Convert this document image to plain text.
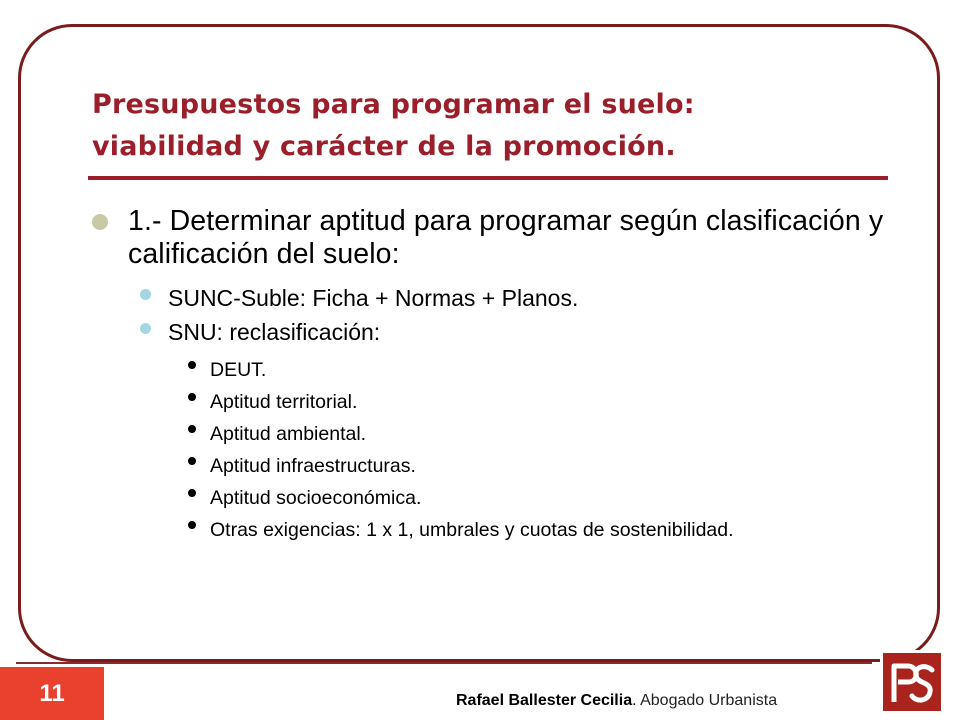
Presupuestos para programar el suelo:
viabilidad y carácter de la promoción.
1.- Determinar aptitud para programar según clasificación y calificación del suelo:
SUNC-Suble: Ficha + Normas + Planos.
SNU: reclasificación:
DEUT.
Aptitud territorial.
Aptitud ambiental.
Aptitud infraestructuras.
Aptitud socioeconómica.
Otras exigencias: 1 x 1, umbrales y cuotas de sostenibilidad.
11	Rafael Ballester Cecilia. Abogado Urbanista
